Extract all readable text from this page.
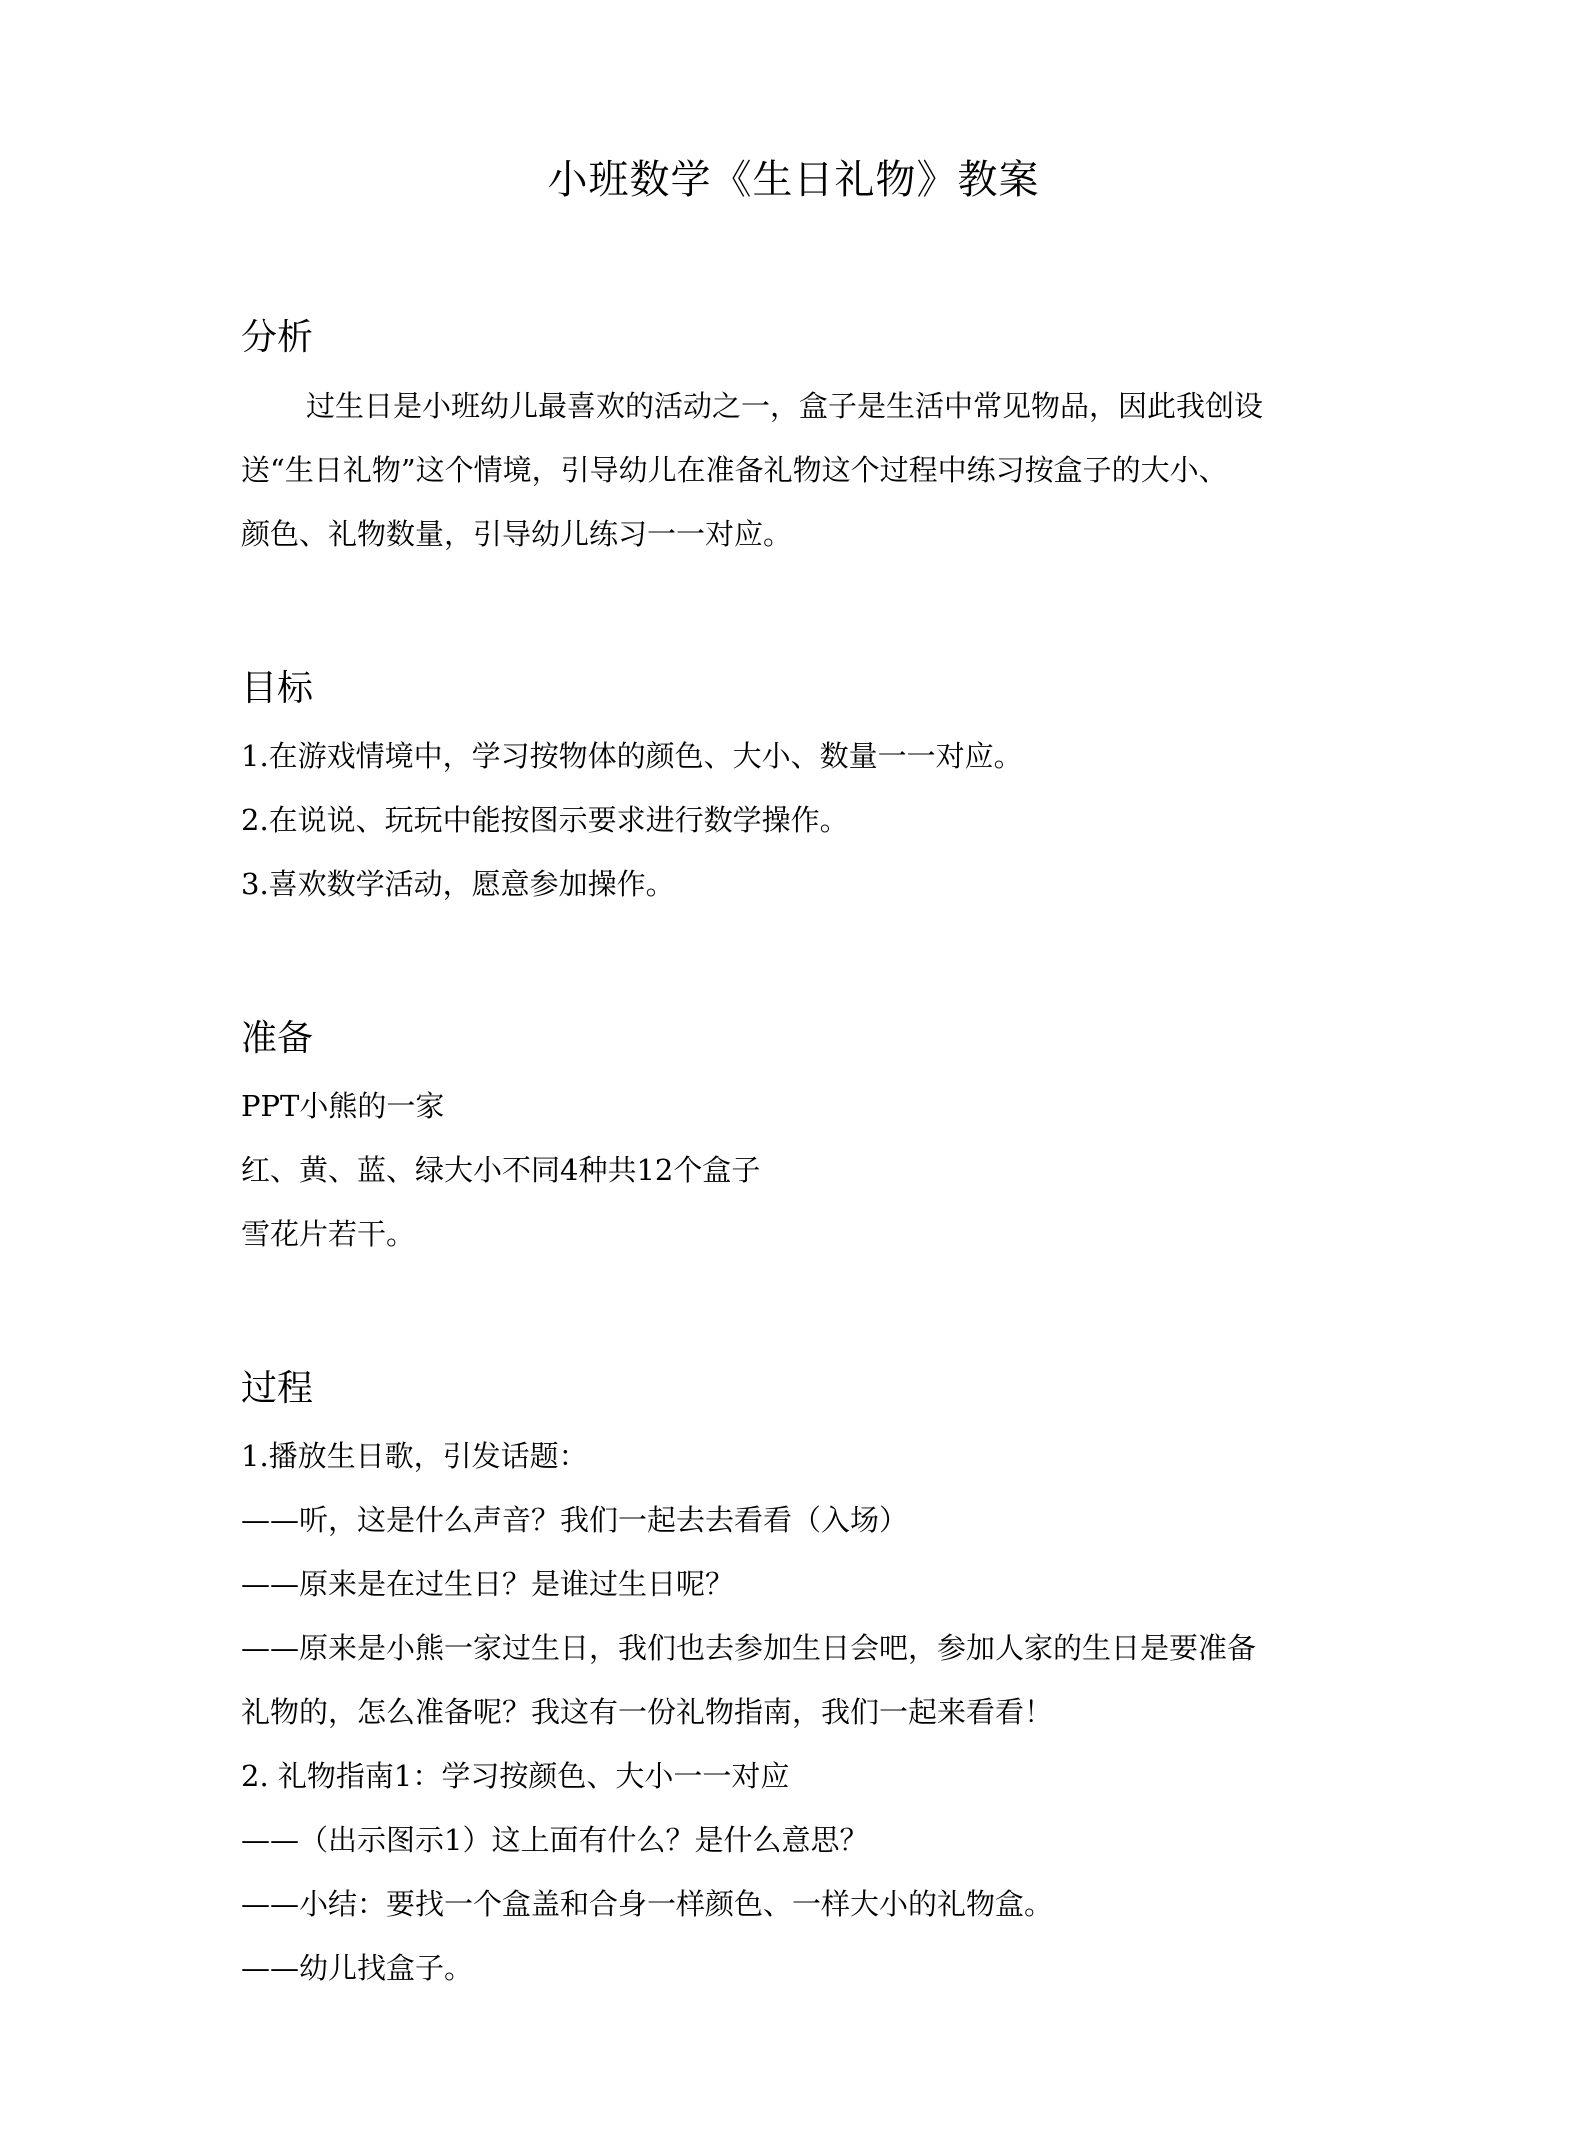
小班数学《生日礼物》教案
分析

过生日是小班幼儿最喜欢的活动之一，盒子是生活中常见物品，因此我创设

送“生日礼物”这个情境，引导幼儿在准备礼物这个过程中练习按盒子的大小、

颜色、礼物数量，引导幼儿练习一一对应。

目标

1.在游戏情境中，学习按物体的颜色、大小、数量一一对应。

2.在说说、玩玩中能按图示要求进行数学操作。

3.喜欢数学活动，愿意参加操作。

准备

PPT小熊的一家

红、黄、蓝、绿大小不同4种共12个盒子

雪花片若干。

过程

1.播放生日歌，引发话题：

——听，这是什么声音？我们一起去去看看（入场）

——原来是在过生日？是谁过生日呢？

——原来是小熊一家过生日，我们也去参加生日会吧，参加人家的生日是要准备

礼物的，怎么准备呢？我这有一份礼物指南，我们一起来看看！

2. 礼物指南1：学习按颜色、大小一一对应

——（出示图示1）这上面有什么？是什么意思？

——小结：要找一个盒盖和合身一样颜色、一样大小的礼物盒。

——幼儿找盒子。
